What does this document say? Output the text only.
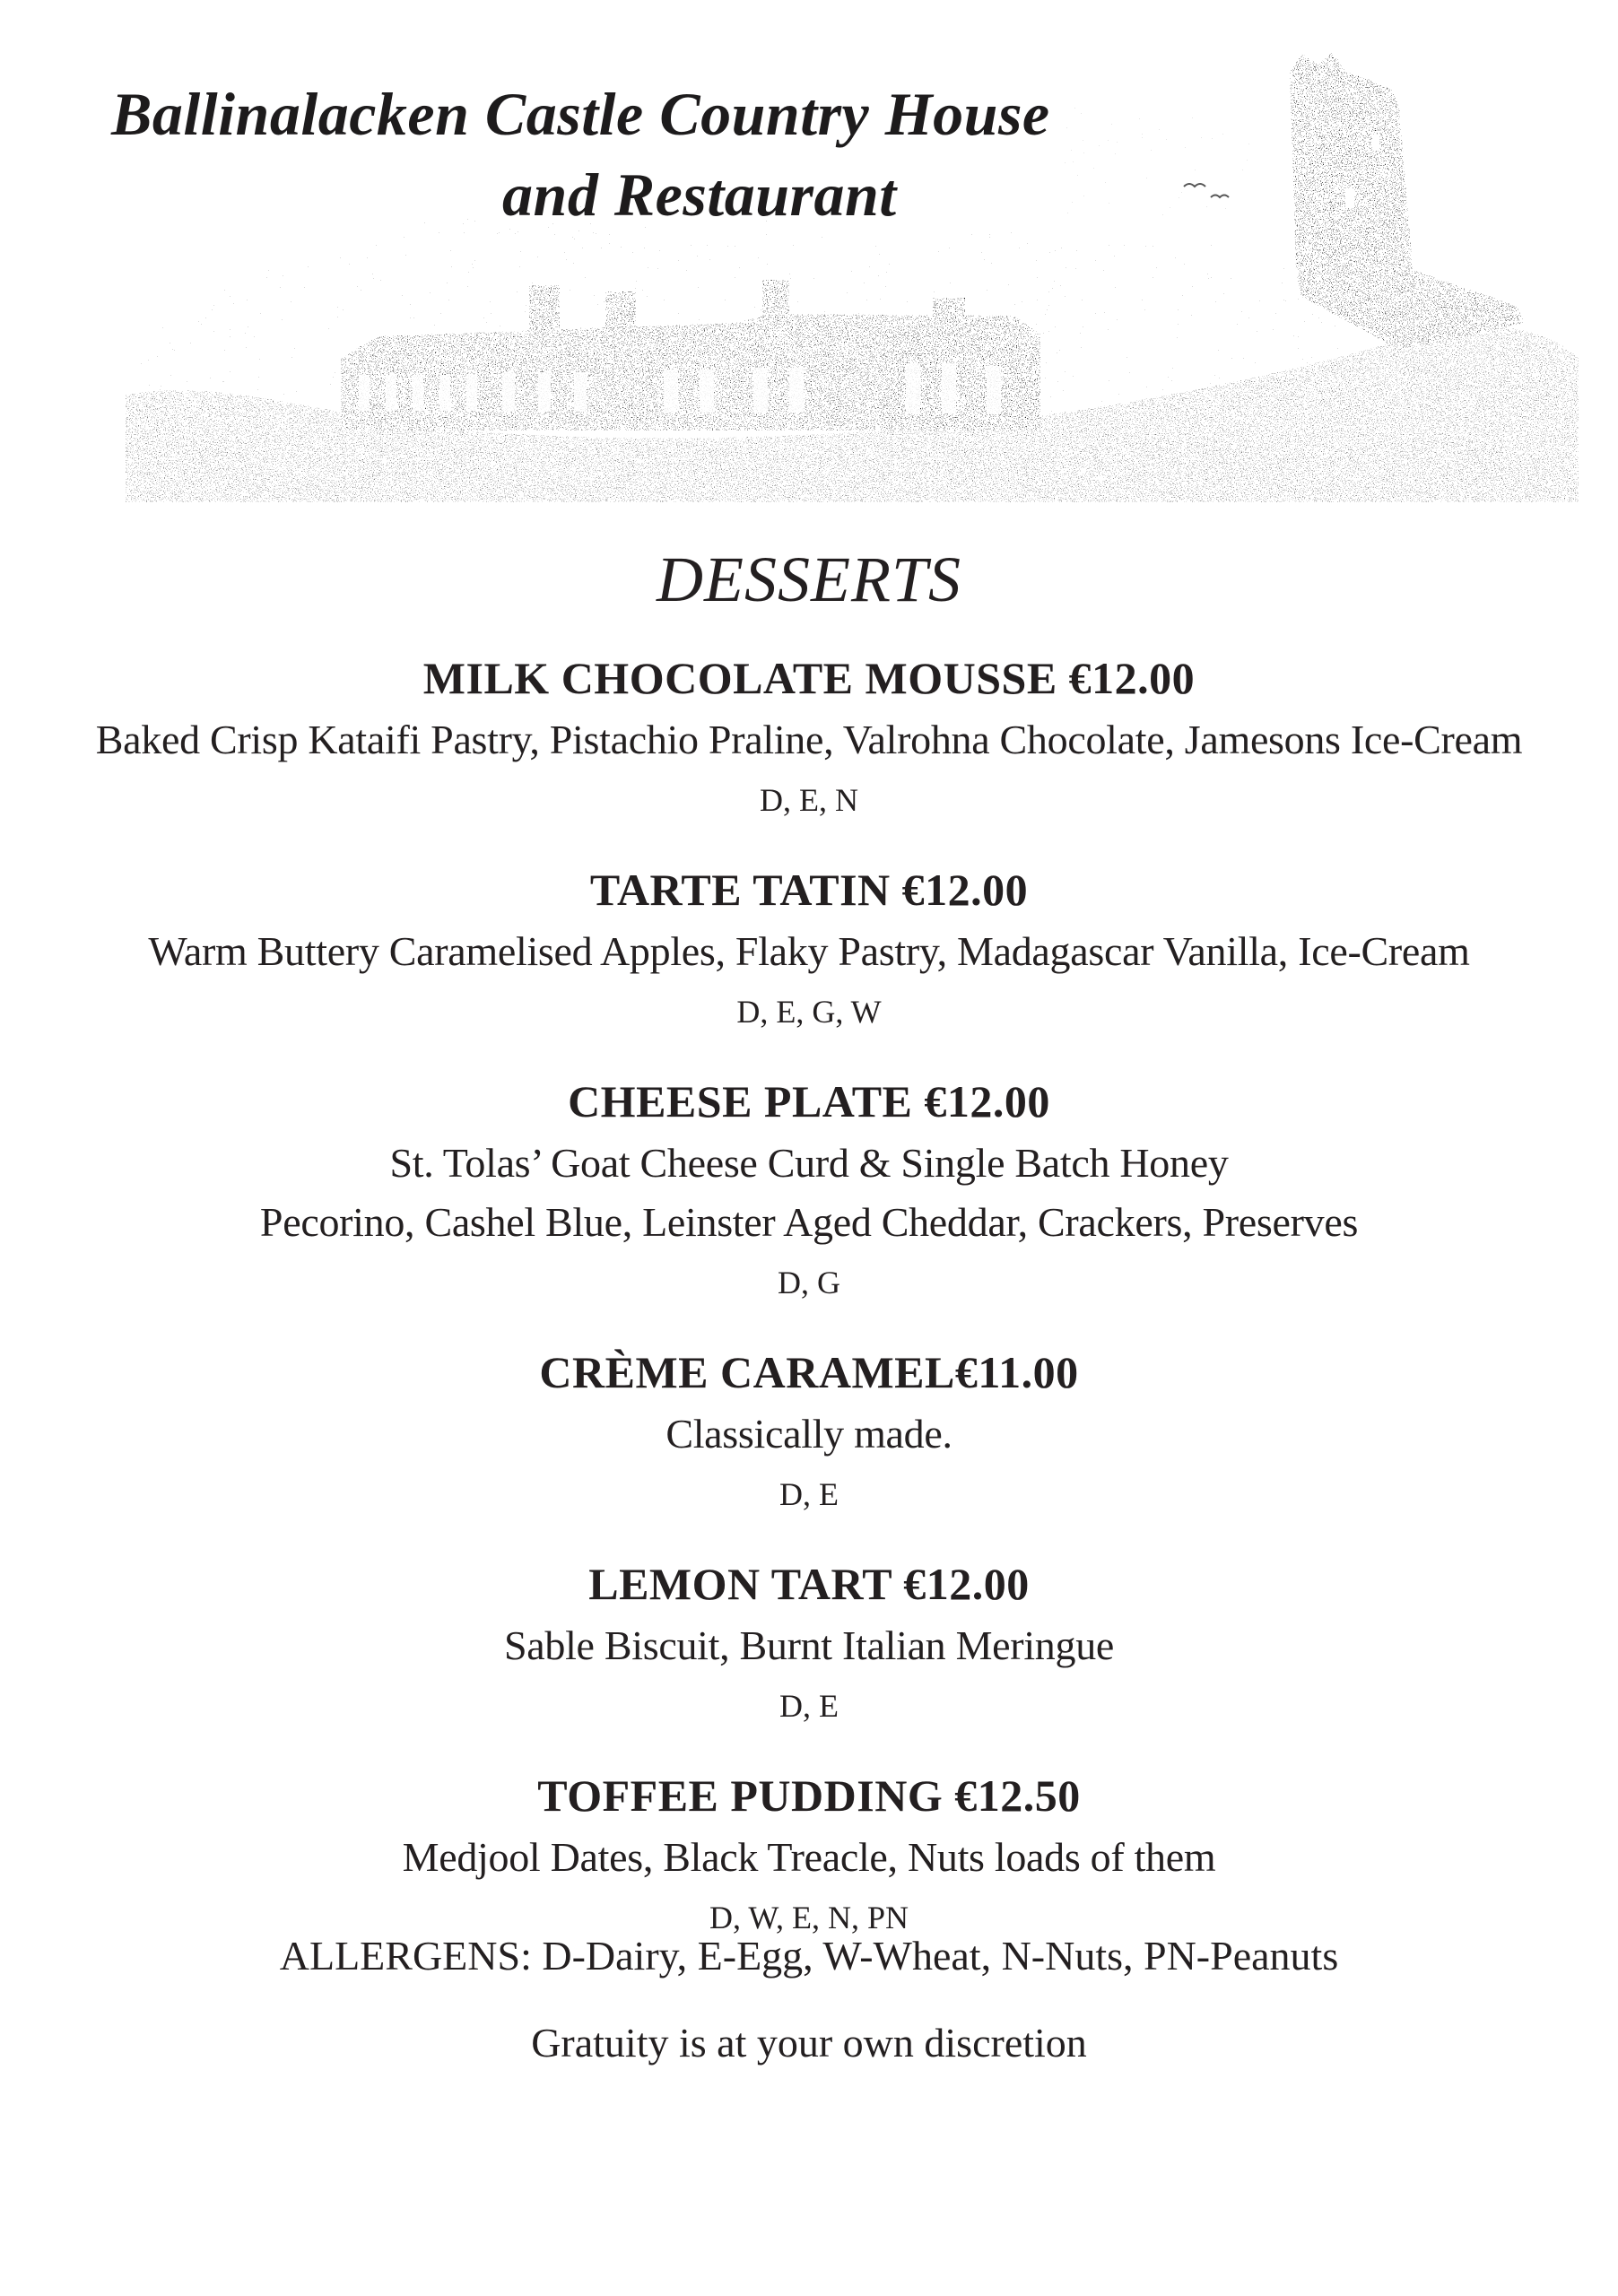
Ballinalacken Castle Country House
and Restaurant
DESSERTS
MILK CHOCOLATE MOUSSE €12.00
Baked Crisp Kataifi Pastry, Pistachio Praline, Valrohna Chocolate, Jamesons Ice-Cream
D, E, N
TARTE TATIN €12.00
Warm Buttery Caramelised Apples, Flaky Pastry, Madagascar Vanilla, Ice-Cream
D, E, G, W
CHEESE PLATE €12.00
St. Tolas’ Goat Cheese Curd & Single Batch Honey
Pecorino, Cashel Blue, Leinster Aged Cheddar, Crackers, Preserves
D, G
CRÈME CARAMEL€11.00
Classically made.
D, E
LEMON TART €12.00
Sable Biscuit, Burnt Italian Meringue
D, E
TOFFEE PUDDING €12.50
Medjool Dates, Black Treacle, Nuts loads of them
D, W, E, N, PN
ALLERGENS: D-Dairy, E-Egg, W-Wheat, N-Nuts, PN-Peanuts
Gratuity is at your own discretion
